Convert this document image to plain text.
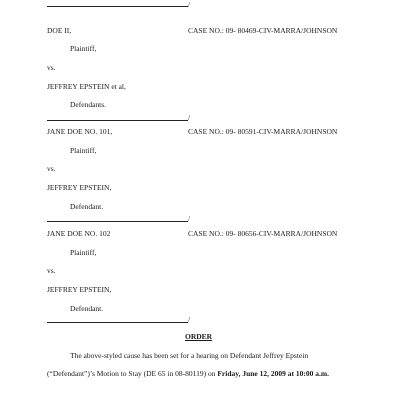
/
DOE II,	CASE NO.: 09- 80469-CIV-MARRA/JOHNSON
Plaintiff,
vs.
JEFFREY EPSTEIN et al,
Defendants.
/
JANE DOE NO. 101,	CASE NO.: 09- 80591-CIV-MARRA/JOHNSON
Plaintiff,
vs.
JEFFREY EPSTEIN,
Defendant.
/
JANE DOE NO. 102	CASE NO.: 09- 80656-CIV-MARRA/JOHNSON
Plaintiff,
vs.
JEFFREY EPSTEIN,
Defendant.
/
ORDER
The above-styled cause has been set for a hearing on Defendant Jeffrey Epstein
(“Defendant”)’s Motion to Stay (DE 65 in 08-80119) on Friday, June 12, 2009 at 10:00 a.m.
